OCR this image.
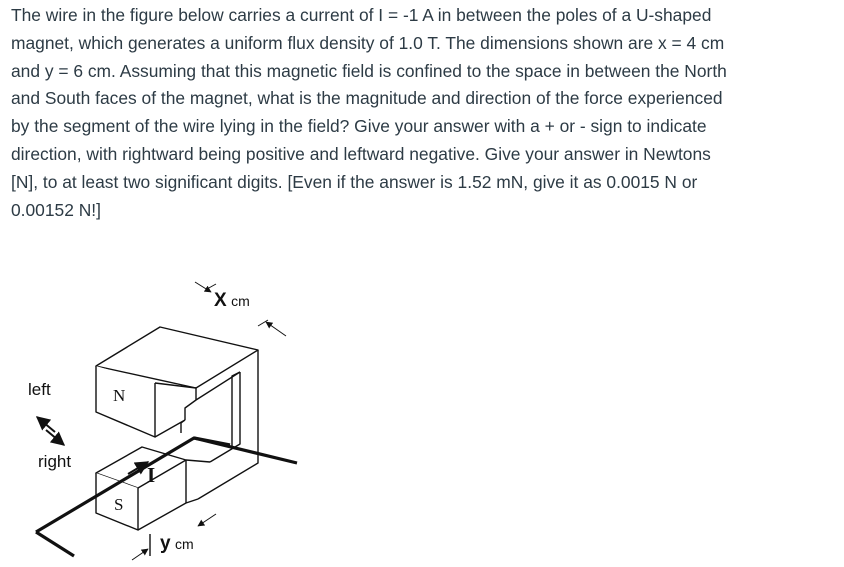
The wire in the figure below carries a current of I = -1 A in between the poles of a U-shaped magnet, which generates a uniform flux density of 1.0 T. The dimensions shown are x = 4 cm and y = 6 cm. Assuming that this magnetic field is confined to the space in between the North and South faces of the magnet, what is the magnitude and direction of the force experienced by the segment of the wire lying in the field? Give your answer with a + or - sign to indicate direction, with rightward being positive and leftward negative. Give your answer in Newtons [N], to at least two significant digits. [Even if the answer is 1.52 mN, give it as 0.0015 N or 0.00152 N!]

left
right
N
S
I
X cm
y cm
